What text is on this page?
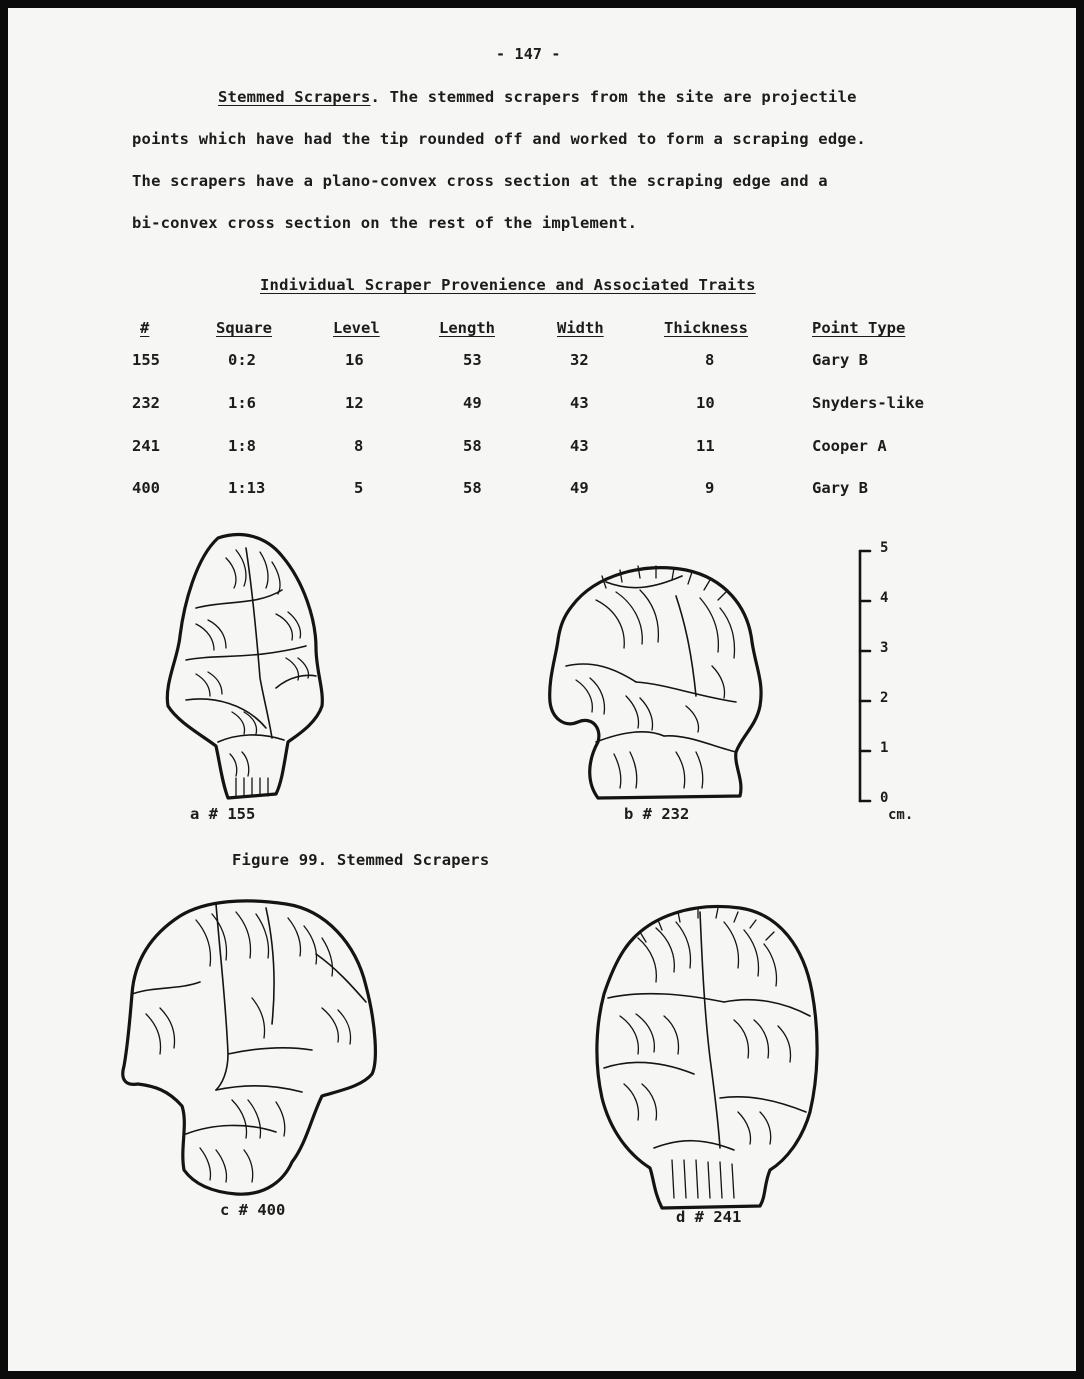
- 147 -
Stemmed Scrapers. The stemmed scrapers from the site are projectile
points which have had the tip rounded off and worked to form a scraping edge.
The scrapers have a plano-convex cross section at the scraping edge and a
bi-convex cross section on the rest of the implement.
Individual Scraper Provenience and Associated Traits
#	Square	Level	Length	Width	Thickness	Point Type
155	0:2	16	53	32	8	Gary B
232	1:6	12	49	43	10	Snyders-like
241	1:8	8	58	43	11	Cooper A
400	1:13	5	58	49	9	Gary B
a # 155	b # 232
5
4
3
2
1
0
cm.
Figure 99. Stemmed Scrapers
c # 400	d # 241
